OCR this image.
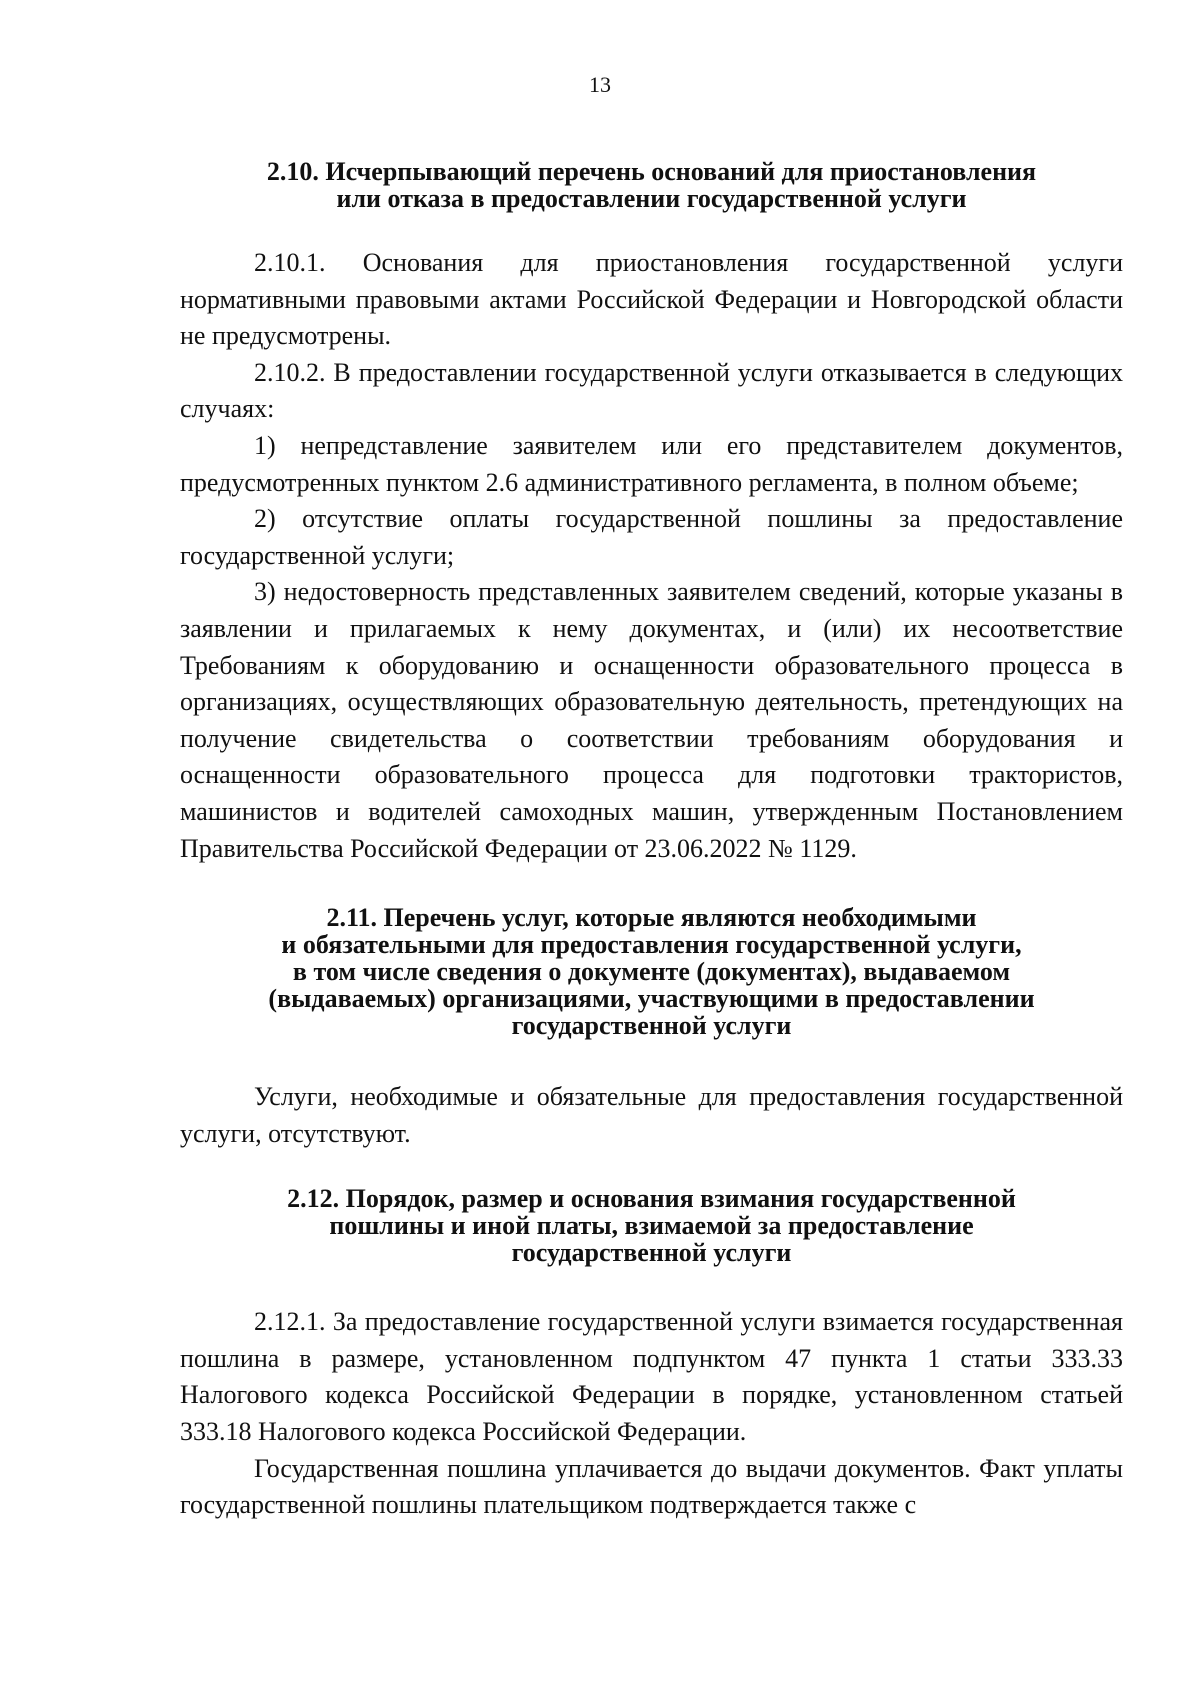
13
2.10. Исчерпывающий перечень оснований для приостановления
или отказа в предоставлении государственной услуги

2.10.1. Основания для приостановления государственной услуги нормативными правовыми актами Российской Федерации и Новгородской области не предусмотрены.

2.10.2. В предоставлении государственной услуги отказывается в следующих случаях:

1) непредставление заявителем или его представителем документов, предусмотренных пунктом 2.6 административного регламента, в полном объеме;

2) отсутствие оплаты государственной пошлины за предоставление государственной услуги;

3) недостоверность представленных заявителем сведений, которые указаны в заявлении и прилагаемых к нему документах, и (или) их несоответствие Требованиям к оборудованию и оснащенности образовательного процесса в организациях, осуществляющих образовательную деятельность, претендующих на получение свидетельства о соответствии требованиям оборудования и оснащенности образовательного процесса для подготовки трактористов, машинистов и водителей самоходных машин, утвержденным Постановлением Правительства Российской Федерации от 23.06.2022 № 1129.

2.11. Перечень услуг, которые являются необходимыми
и обязательными для предоставления государственной услуги,
в том числе сведения о документе (документах), выдаваемом
(выдаваемых) организациями, участвующими в предоставлении
государственной услуги

Услуги, необходимые и обязательные для предоставления государственной услуги, отсутствуют.

2.12. Порядок, размер и основания взимания государственной
пошлины и иной платы, взимаемой за предоставление
государственной услуги

2.12.1. За предоставление государственной услуги взимается государственная пошлина в размере, установленном подпунктом 47 пункта 1 статьи 333.33 Налогового кодекса Российской Федерации в порядке, установленном статьей 333.18 Налогового кодекса Российской Федерации.

Государственная пошлина уплачивается до выдачи документов. Факт уплаты государственной пошлины плательщиком подтверждается также с
